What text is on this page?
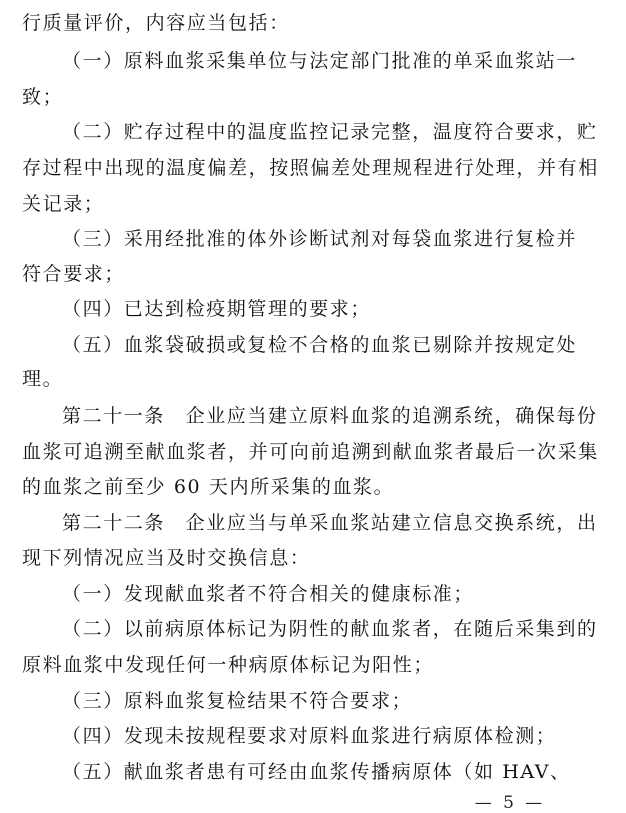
行质量评价，内容应当包括：
（一）原料血浆采集单位与法定部门批准的单采血浆站一
致；
（二）贮存过程中的温度监控记录完整，温度符合要求，贮
存过程中出现的温度偏差，按照偏差处理规程进行处理，并有相
关记录；
（三）采用经批准的体外诊断试剂对每袋血浆进行复检并
符合要求；
（四）已达到检疫期管理的要求；
（五）血浆袋破损或复检不合格的血浆已剔除并按规定处
理。
第二十一条　企业应当建立原料血浆的追溯系统，确保每份
血浆可追溯至献血浆者，并可向前追溯到献血浆者最后一次采集
的血浆之前至少 60 天内所采集的血浆。
第二十二条　企业应当与单采血浆站建立信息交换系统，出
现下列情况应当及时交换信息：
（一）发现献血浆者不符合相关的健康标准；
（二）以前病原体标记为阴性的献血浆者，在随后采集到的
原料血浆中发现任何一种病原体标记为阳性；
（三）原料血浆复检结果不符合要求；
（四）发现未按规程要求对原料血浆进行病原体检测；
（五）献血浆者患有可经由血浆传播病原体（如 HAV、
— 5 —
